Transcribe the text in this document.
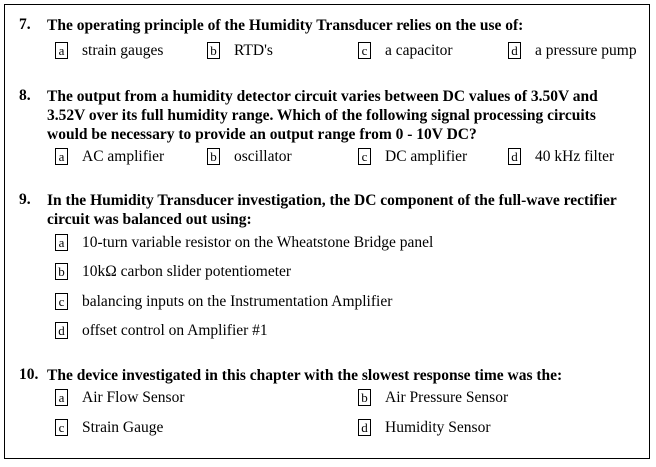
7. The operating principle of the Humidity Transducer relies on the use of:
a strain gauges	b RTD's	c a capacitor	d a pressure pump
8. The output from a humidity detector circuit varies between DC values of 3.50V and
3.52V over its full humidity range. Which of the following signal processing circuits
would be necessary to provide an output range from 0 - 10V DC?
a AC amplifier	b oscillator	c DC amplifier	d 40 kHz filter
9. In the Humidity Transducer investigation, the DC component of the full-wave rectifier
circuit was balanced out using:
a 10-turn variable resistor on the Wheatstone Bridge panel
b 10kΩ carbon slider potentiometer
c balancing inputs on the Instrumentation Amplifier
d offset control on Amplifier #1
10. The device investigated in this chapter with the slowest response time was the:
a Air Flow Sensor	b Air Pressure Sensor
c Strain Gauge	d Humidity Sensor
